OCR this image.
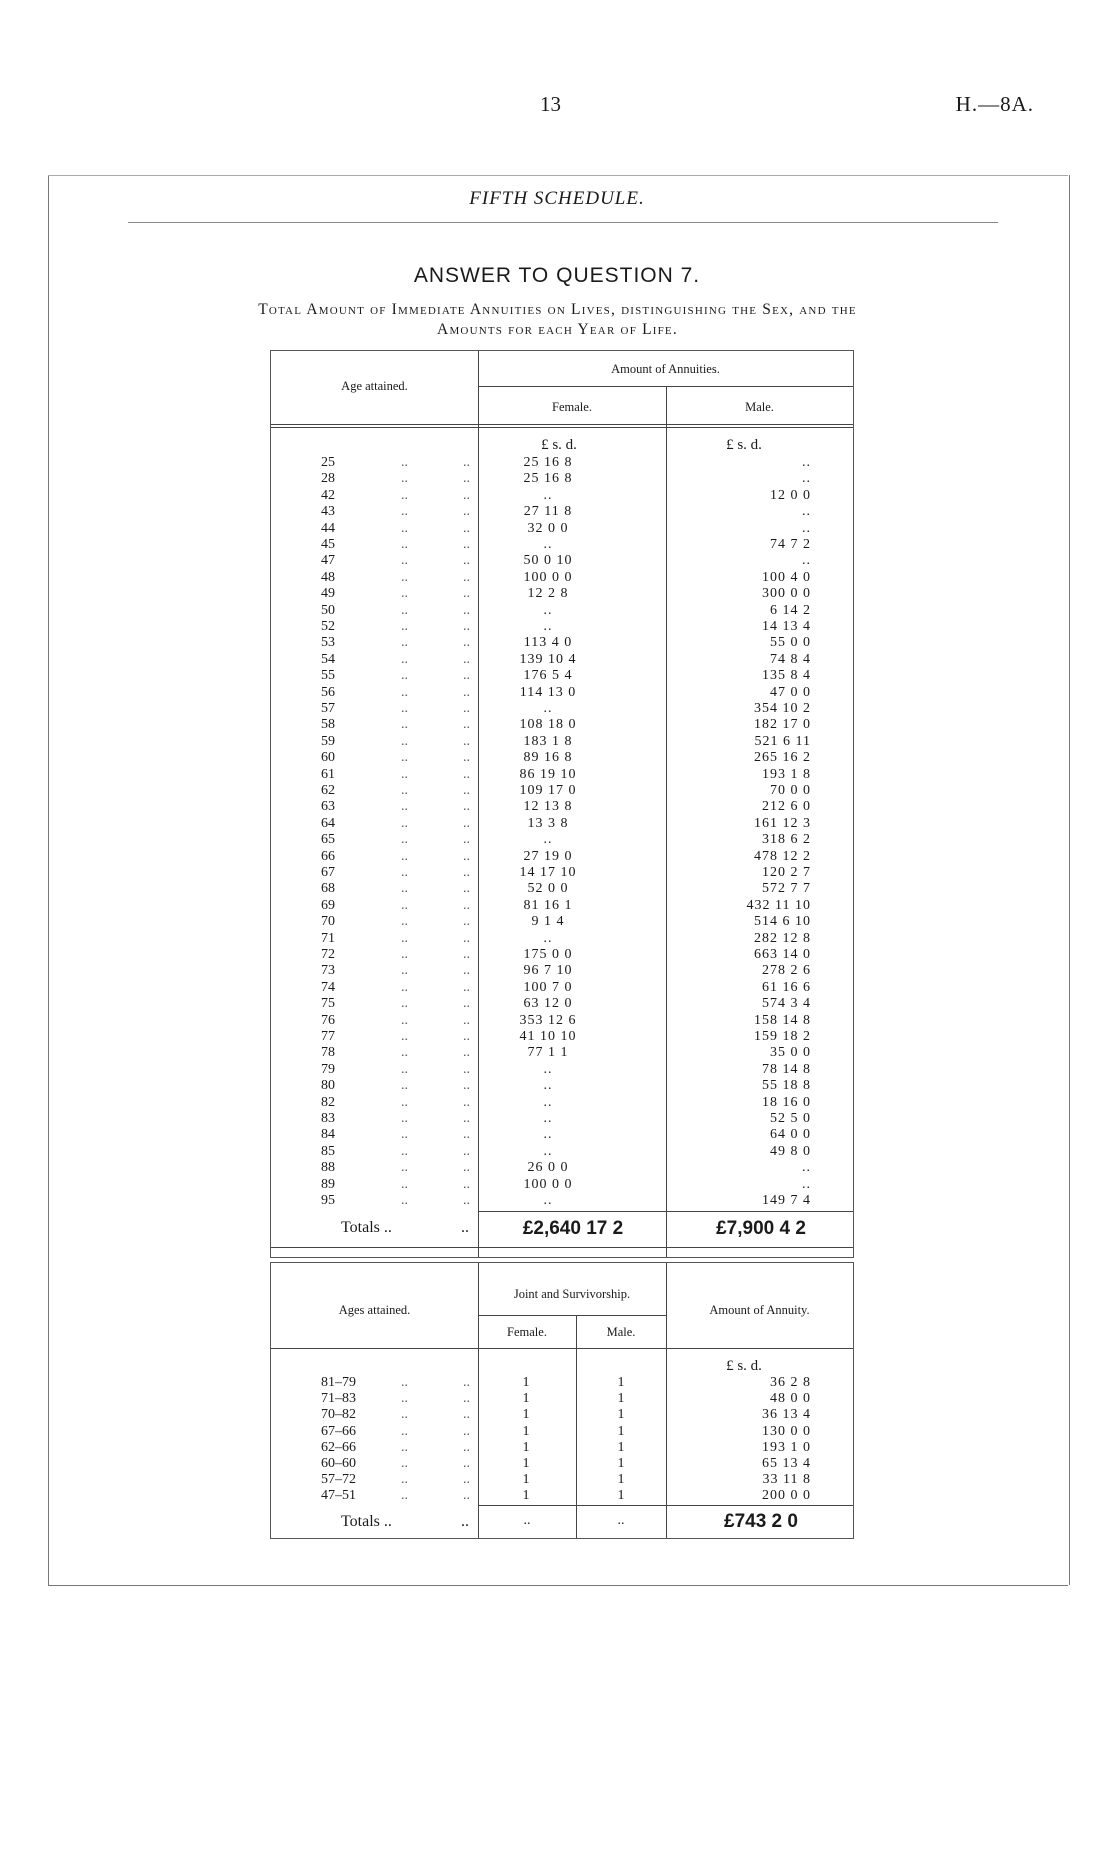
13	H.—8A.
FIFTH SCHEDULE.
ANSWER TO QUESTION 7.
Total Amount of Immediate Annuities on Lives, distinguishing the Sex, and the
Amounts for each Year of Life.
Age attained.
Amount of Annuities.
Female.	Male.
£ s. d.	£ s. d.
25	..	..	25 16 8	..
28	..	..	25 16 8	..
42	..	..	..	12 0 0
43	..	..	27 11 8	..
44	..	..	32 0 0	..
45	..	..	..	74 7 2
47	..	..	50 0 10	..
48	..	..	100 0 0	100 4 0
49	..	..	12 2 8	300 0 0
50	..	..	..	6 14 2
52	..	..	..	14 13 4
53	..	..	113 4 0	55 0 0
54	..	..	139 10 4	74 8 4
55	..	..	176 5 4	135 8 4
56	..	..	114 13 0	47 0 0
57	..	..	..	354 10 2
58	..	..	108 18 0	182 17 0
59	..	..	183 1 8	521 6 11
60	..	..	89 16 8	265 16 2
61	..	..	86 19 10	193 1 8
62	..	..	109 17 0	70 0 0
63	..	..	12 13 8	212 6 0
64	..	..	13 3 8	161 12 3
65	..	..	..	318 6 2
66	..	..	27 19 0	478 12 2
67	..	..	14 17 10	120 2 7
68	..	..	52 0 0	572 7 7
69	..	..	81 16 1	432 11 10
70	..	..	9 1 4	514 6 10
71	..	..	..	282 12 8
72	..	..	175 0 0	663 14 0
73	..	..	96 7 10	278 2 6
74	..	..	100 7 0	61 16 6
75	..	..	63 12 0	574 3 4
76	..	..	353 12 6	158 14 8
77	..	..	41 10 10	159 18 2
78	..	..	77 1 1	35 0 0
79	..	..	..	78 14 8
80	..	..	..	55 18 8
82	..	..	..	18 16 0
83	..	..	..	52 5 0
84	..	..	..	64 0 0
85	..	..	..	49 8 0
88	..	..	26 0 0	..
89	..	..	100 0 0	..
95	..	..	..	149 7 4
Totals ..	..	£2,640 17 2	£7,900 4 2
Ages attained.
Joint and Survivorship.
Female.	Male.
Amount of Annuity.
£ s. d.
81–79	..	..	1	1	36 2 8
71–83	..	..	1	1	48 0 0
70–82	..	..	1	1	36 13 4
67–66	..	..	1	1	130 0 0
62–66	..	..	1	1	193 1 0
60–60	..	..	1	1	65 13 4
57–72	..	..	1	1	33 11 8
47–51	..	..	1	1	200 0 0
Totals ..	..	..	..	£743 2 0
